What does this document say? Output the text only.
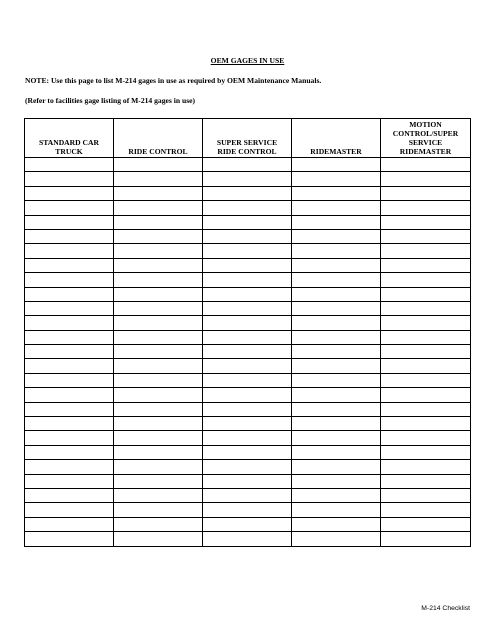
OEM GAGES IN USE
NOTE: Use this page to list M-214 gages in use as required by OEM Maintenance Manuals.
(Refer to facilities gage listing of M-214 gages in use)
STANDARD CAR TRUCK	RIDE CONTROL	SUPER SERVICE RIDE CONTROL	RIDEMASTER	MOTION CONTROL/SUPER SERVICE RIDEMASTER

M-214 Checklist
